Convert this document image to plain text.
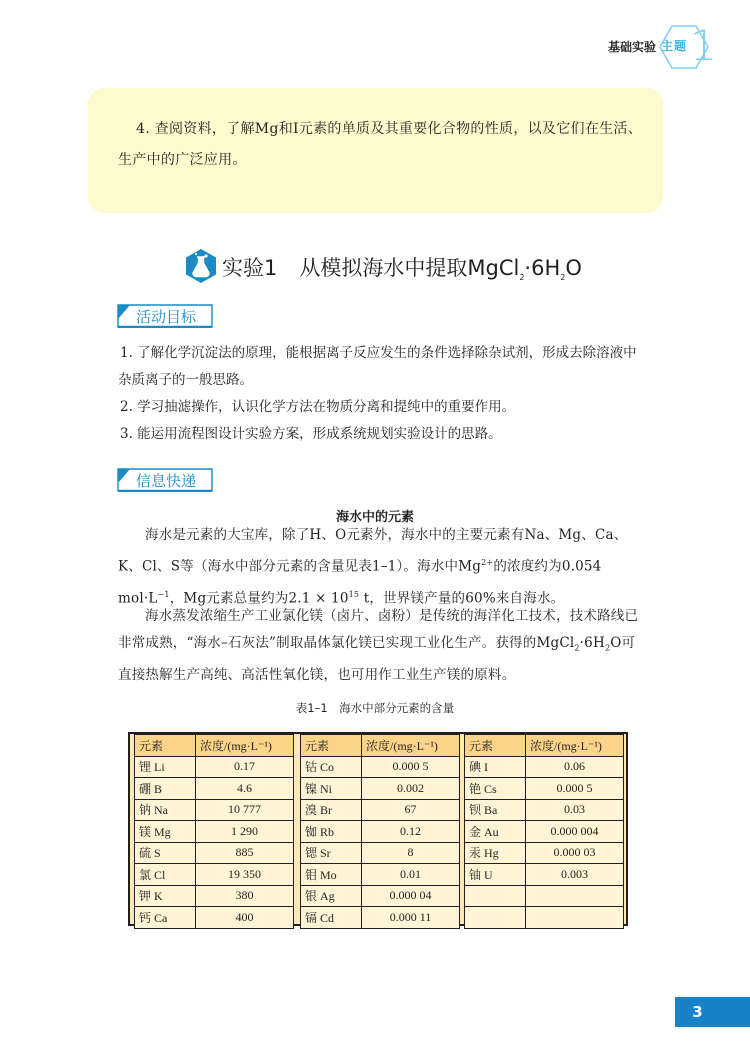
基础实验 主题 1
4. 查阅资料，了解Mg和I元素的单质及其重要化合物的性质，以及它们在生活、生产中的广泛应用。
实验1 从模拟海水中提取$MgCl_2\cdot 6H_2O$
活动目标
1. 了解化学沉淀法的原理，能根据离子反应发生的条件选择除杂试剂，形成去除溶液中杂质离子的一般思路。
2. 学习抽滤操作，认识化学方法在物质分离和提纯中的重要作用。
3. 能运用流程图设计实验方案，形成系统规划实验设计的思路。
信息快递
海水中的元素
海水是元素的大宝库，除了H、O元素外，海水中的主要元素有Na、Mg、Ca、K、Cl、S等（海水中部分元素的含量见表1–1）。海水中$Mg^{2+}$的浓度约为0.054 $mol\cdot L^{-1}$，Mg元素总量约为$2.1 \times 10^{15}$ t，世界镁产量的60%来自海水。
海水蒸发浓缩生产工业氯化镁（卤片、卤粉）是传统的海洋化工技术，技术路线已非常成熟，“海水–石灰法”制取晶体氯化镁已实现工业化生产。获得的$MgCl_2\cdot 6H_2O$可直接热解生产高纯、高活性氧化镁，也可用作工业生产镁的原料。
表1–1　海水中部分元素的含量
元素	浓度/(mg·L⁻¹)
锂 Li	0.17
硼 B	4.6
钠 Na	10 777
镁 Mg	1 290
硫 S	885
氯 Cl	19 350
钾 K	380
钙 Ca	400
元素	浓度/(mg·L⁻¹)
钴 Co	0.000 5
镍 Ni	0.002
溴 Br	67
铷 Rb	0.12
锶 Sr	8
钼 Mo	0.01
银 Ag	0.000 04
镉 Cd	0.000 11
元素	浓度/(mg·L⁻¹)
碘 I	0.06
铯 Cs	0.000 5
钡 Ba	0.03
金 Au	0.000 004
汞 Hg	0.000 03
铀 U	0.003

3
